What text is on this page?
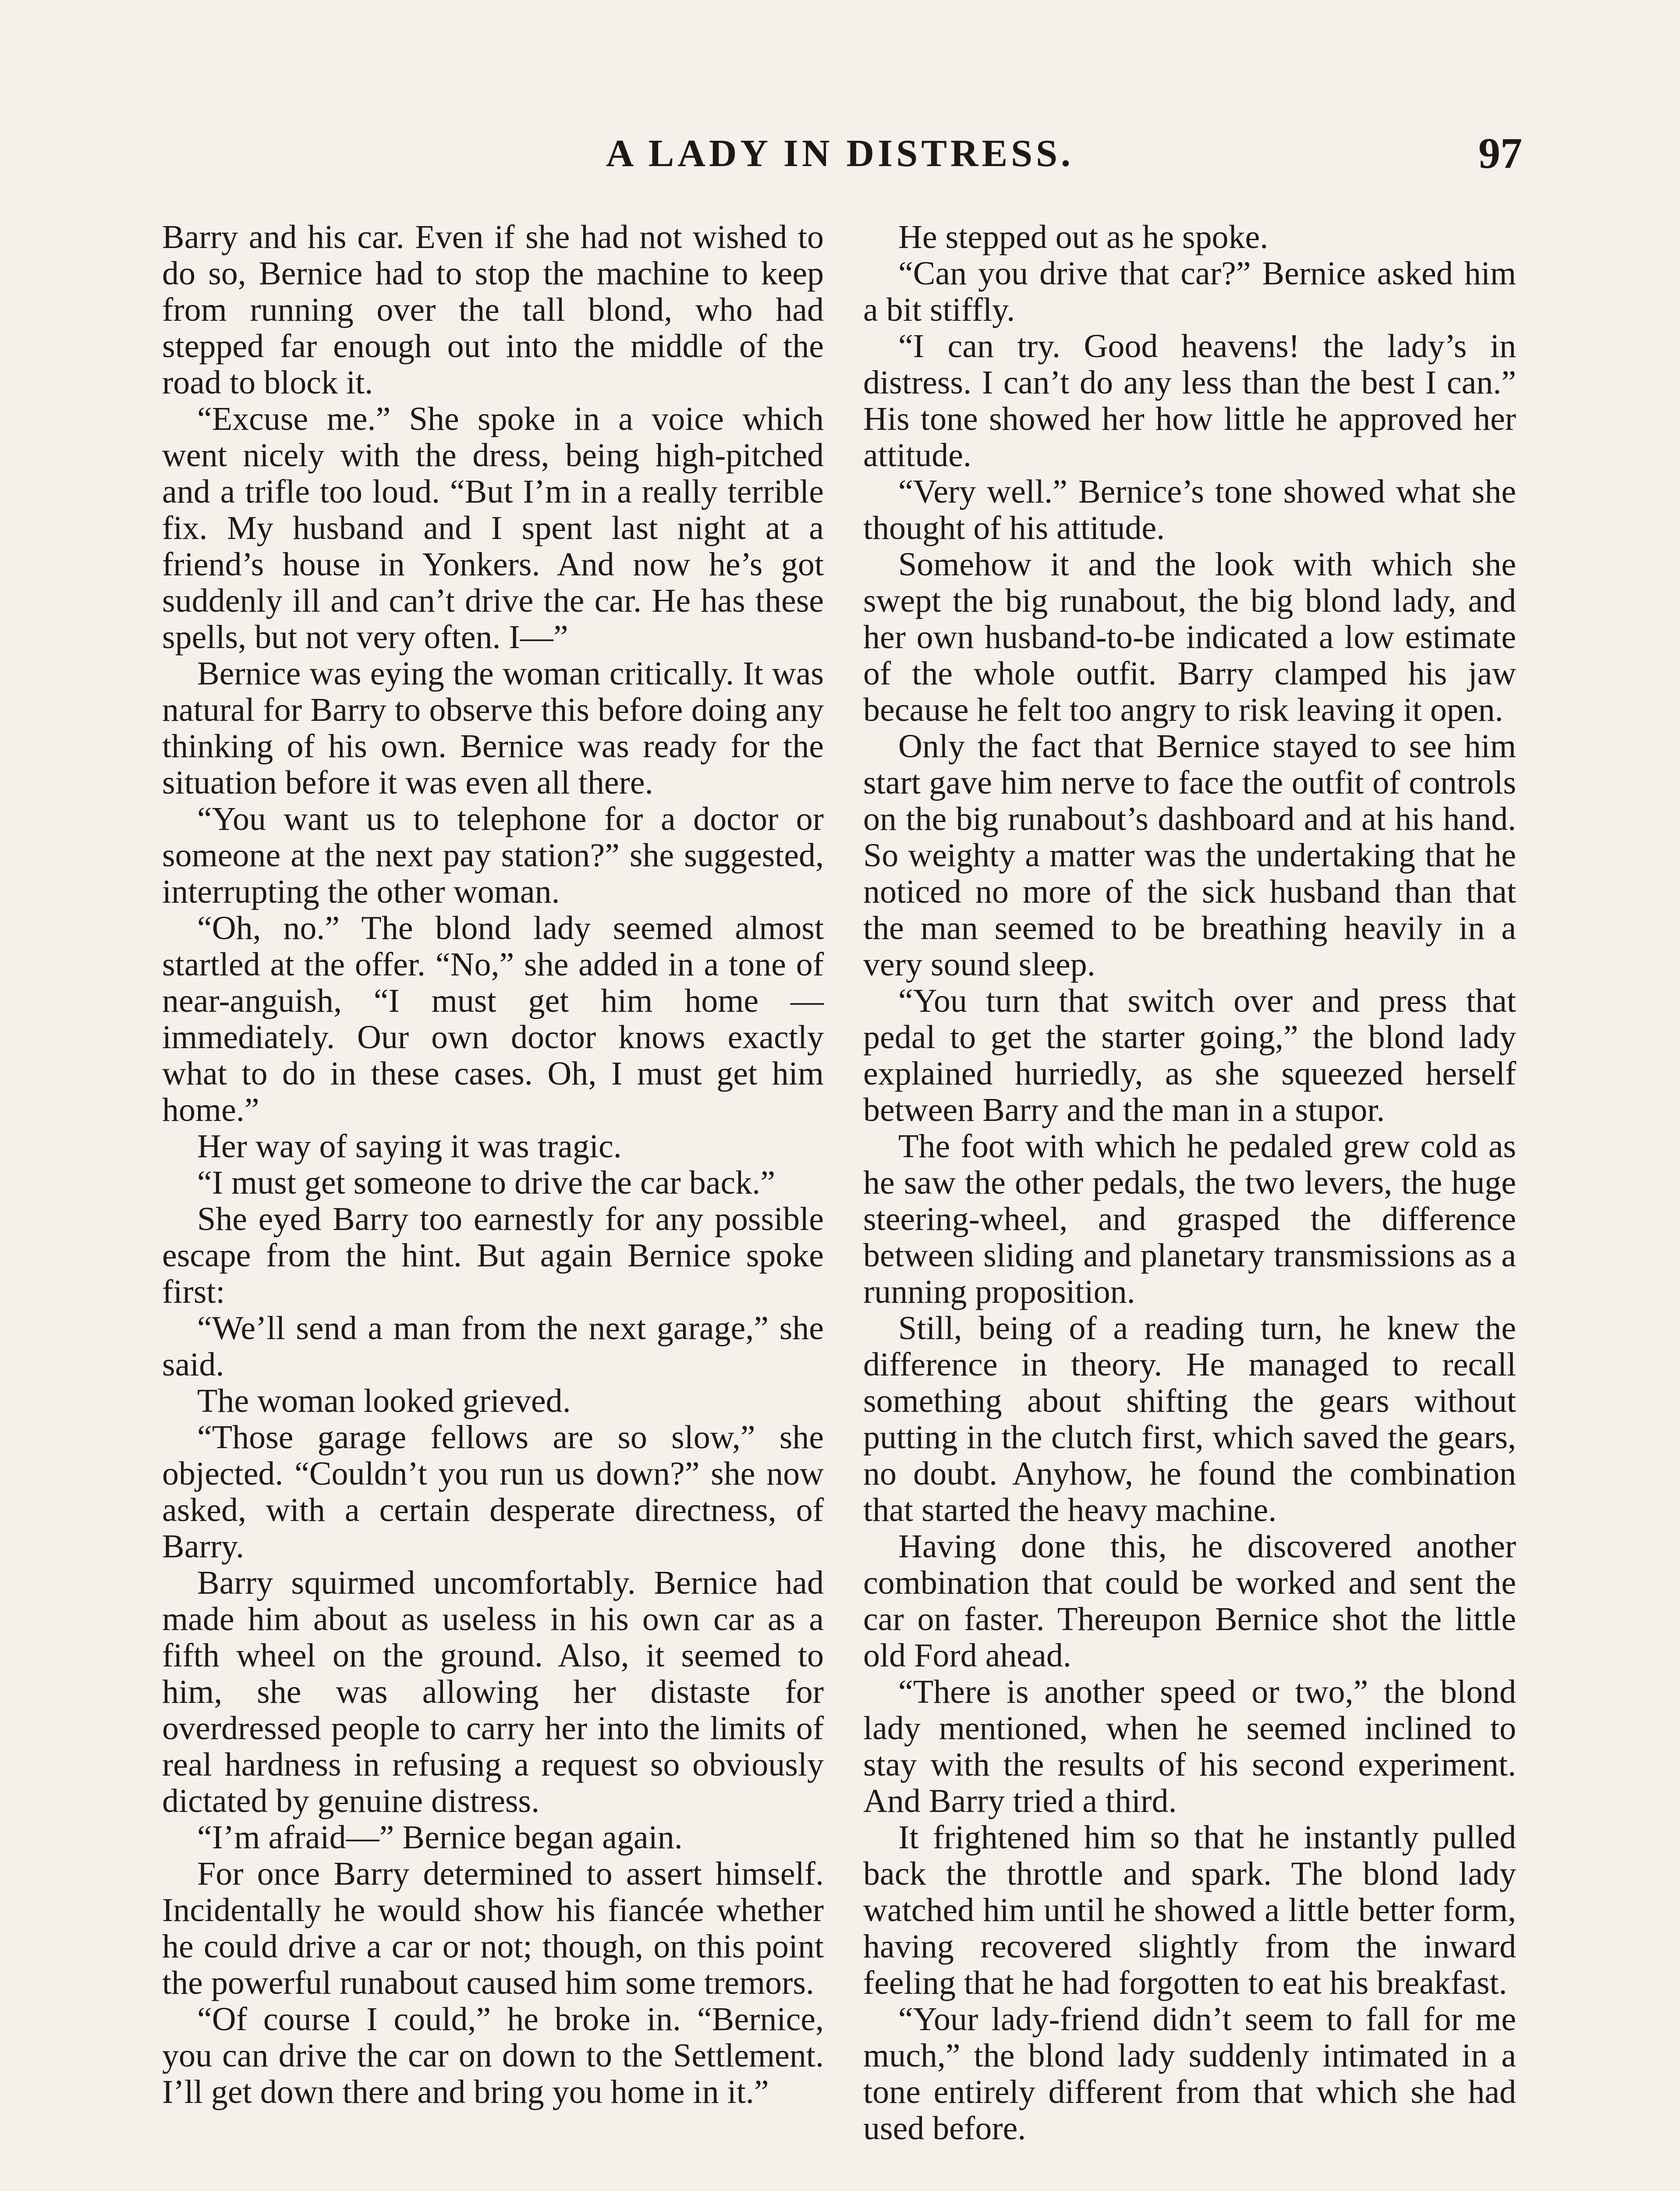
A LADY IN DISTRESS.	97

Barry and his car. Even if she had not wished to do so, Bernice had to stop the machine to keep from running over the tall blond, who had stepped far enough out into the middle of the road to block it.

“Excuse me.” She spoke in a voice which went nicely with the dress, being high-pitched and a trifle too loud. “But I’m in a really terrible fix. My husband and I spent last night at a friend’s house in Yonkers. And now he’s got suddenly ill and can’t drive the car. He has these spells, but not very often. I—”

Bernice was eying the woman critically. It was natural for Barry to observe this before doing any thinking of his own. Bernice was ready for the situation before it was even all there.

“You want us to telephone for a doctor or someone at the next pay station?” she suggested, interrupting the other woman.

“Oh, no.” The blond lady seemed almost startled at the offer. “No,” she added in a tone of near-anguish, “I must get him home —immediately. Our own doctor knows exactly what to do in these cases. Oh, I must get him home.”

Her way of saying it was tragic.

“I must get someone to drive the car back.”

She eyed Barry too earnestly for any possible escape from the hint. But again Bernice spoke first:

“We’ll send a man from the next garage,” she said.

The woman looked grieved.

“Those garage fellows are so slow,” she objected. “Couldn’t you run us down?” she now asked, with a certain desperate directness, of Barry.

Barry squirmed uncomfortably. Bernice had made him about as useless in his own car as a fifth wheel on the ground. Also, it seemed to him, she was allowing her distaste for overdressed people to carry her into the limits of real hardness in refusing a request so obviously dictated by genuine distress.

“I’m afraid—” Bernice began again.

For once Barry determined to assert himself. Incidentally he would show his fiancée whether he could drive a car or not; though, on this point the powerful runabout caused him some tremors.

“Of course I could,” he broke in. “Bernice, you can drive the car on down to the Settlement. I’ll get down there and bring you home in it.”

He stepped out as he spoke.

“Can you drive that car?” Bernice asked him a bit stiffly.

“I can try. Good heavens! the lady’s in distress. I can’t do any less than the best I can.” His tone showed her how little he approved her attitude.

“Very well.” Bernice’s tone showed what she thought of his attitude.

Somehow it and the look with which she swept the big runabout, the big blond lady, and her own husband-to-be indicated a low estimate of the whole outfit. Barry clamped his jaw because he felt too angry to risk leaving it open.

Only the fact that Bernice stayed to see him start gave him nerve to face the outfit of controls on the big runabout’s dashboard and at his hand. So weighty a matter was the undertaking that he noticed no more of the sick husband than that the man seemed to be breathing heavily in a very sound sleep.

“You turn that switch over and press that pedal to get the starter going,” the blond lady explained hurriedly, as she squeezed herself between Barry and the man in a stupor.

The foot with which he pedaled grew cold as he saw the other pedals, the two levers, the huge steering-wheel, and grasped the difference between sliding and planetary transmissions as a running proposition.

Still, being of a reading turn, he knew the difference in theory. He managed to recall something about shifting the gears without putting in the clutch first, which saved the gears, no doubt. Anyhow, he found the combination that started the heavy machine.

Having done this, he discovered another combination that could be worked and sent the car on faster. Thereupon Bernice shot the little old Ford ahead.

“There is another speed or two,” the blond lady mentioned, when he seemed inclined to stay with the results of his second experiment. And Barry tried a third.

It frightened him so that he instantly pulled back the throttle and spark. The blond lady watched him until he showed a little better form, having recovered slightly from the inward feeling that he had forgotten to eat his breakfast.

“Your lady-friend didn’t seem to fall for me much,” the blond lady suddenly intimated in a tone entirely different from that which she had used before.
